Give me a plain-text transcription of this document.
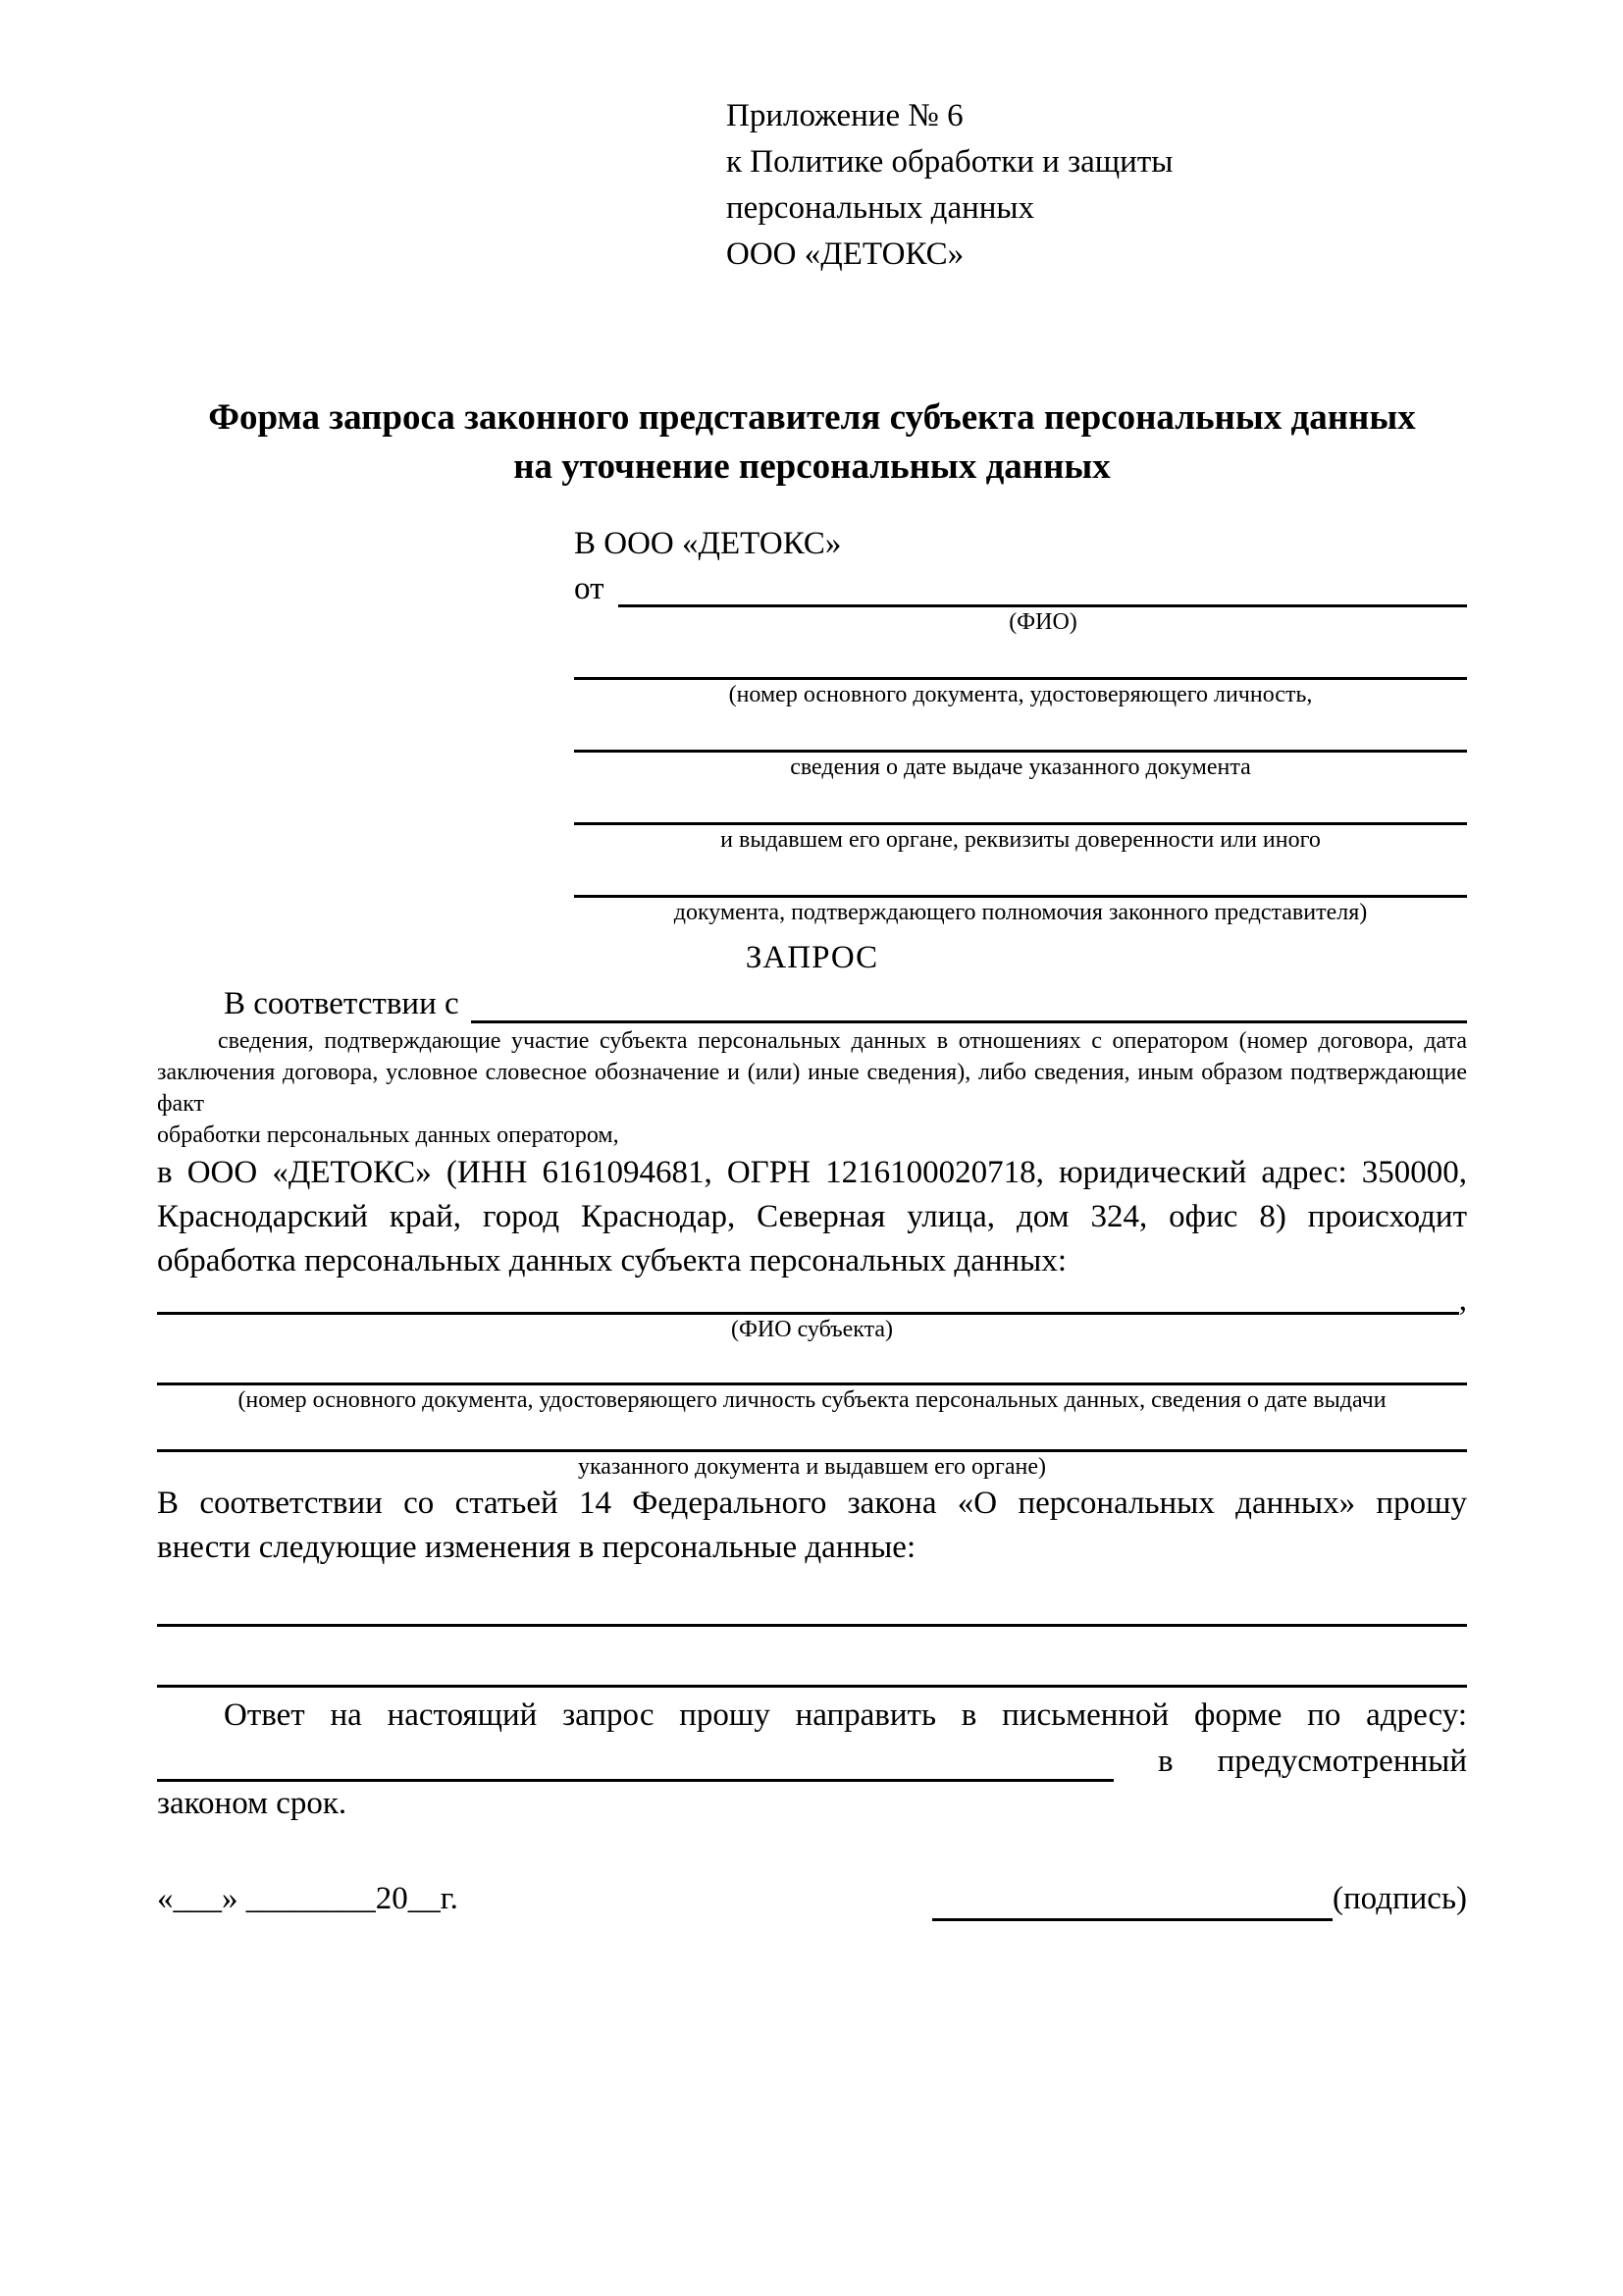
Приложение № 6
к Политике обработки и защиты
персональных данных
ООО «ДЕТОКС»
Форма запроса законного представителя субъекта персональных данных
на уточнение персональных данных
В ООО «ДЕТОКС»
от
(ФИО)
(номер основного документа, удостоверяющего личность,
сведения о дате выдаче указанного документа
и выдавшем его органе, реквизиты доверенности или иного
документа, подтверждающего полномочия законного представителя)
ЗАПРОС
В соответствии с
сведения, подтверждающие участие субъекта персональных данных в отношениях с оператором (номер договора, дата
заключения договора, условное словесное обозначение и (или) иные сведения), либо сведения, иным образом подтверждающие факт
обработки персональных данных оператором,
в ООО «ДЕТОКС» (ИНН 6161094681, ОГРН 1216100020718, юридический адрес: 350000,
Краснодарский край, город Краснодар, Северная улица, дом 324, офис 8) происходит
обработка персональных данных субъекта персональных данных:
,
(ФИО субъекта)
(номер основного документа, удостоверяющего личность субъекта персональных данных, сведения о дате выдачи
указанного документа и выдавшем его органе)
В соответствии со статьей 14 Федерального закона «О персональных данных» прошу
внести следующие изменения в персональные данные:
Ответ на настоящий запрос прошу направить в письменной форме по адресу:
в предусмотренный
законом срок.
«___» ________20__г.	(подпись)
